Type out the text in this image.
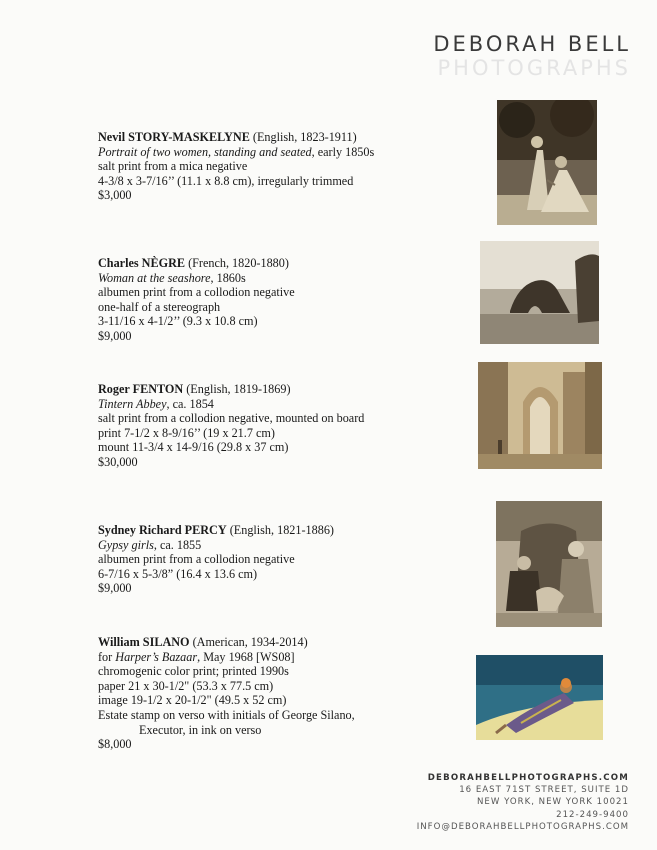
DEBORAH BELL
PHOTOGRAPHS
Nevil STORY-MASKELYNE (English, 1823-1911)
Portrait of two women, standing and seated, early 1850s
salt print from a mica negative
4-3/8 x 3-7/16’’ (11.1 x 8.8 cm), irregularly trimmed
$3,000
Charles NÈGRE (French, 1820-1880)
Woman at the seashore, 1860s
albumen print from a collodion negative
one-half of a stereograph
3-11/16 x 4-1/2’’ (9.3 x 10.8 cm)
$9,000
Roger FENTON (English, 1819-1869)
Tintern Abbey, ca. 1854
salt print from a collodion negative, mounted on board
print 7-1/2 x 8-9/16’’ (19 x 21.7 cm)
mount 11-3/4 x 14-9/16 (29.8 x 37 cm)
$30,000
Sydney Richard PERCY (English, 1821-1886)
Gypsy girls, ca. 1855
albumen print from a collodion negative
6-7/16 x 5-3/8” (16.4 x 13.6 cm)
$9,000
William SILANO (American, 1934-2014)
for Harper’s Bazaar, May 1968 [WS08]
chromogenic color print; printed 1990s
paper 21 x 30-1/2" (53.3 x 77.5 cm)
image 19-1/2 x 20-1/2" (49.5 x 52 cm)
Estate stamp on verso with initials of George Silano,
Executor, in ink on verso
$8,000
DEBORAHBELLPHOTOGRAPHS.COM
16 EAST 71ST STREET, SUITE 1D
NEW YORK, NEW YORK 10021
212-249-9400
INFO@DEBORAHBELLPHOTOGRAPHS.COM
